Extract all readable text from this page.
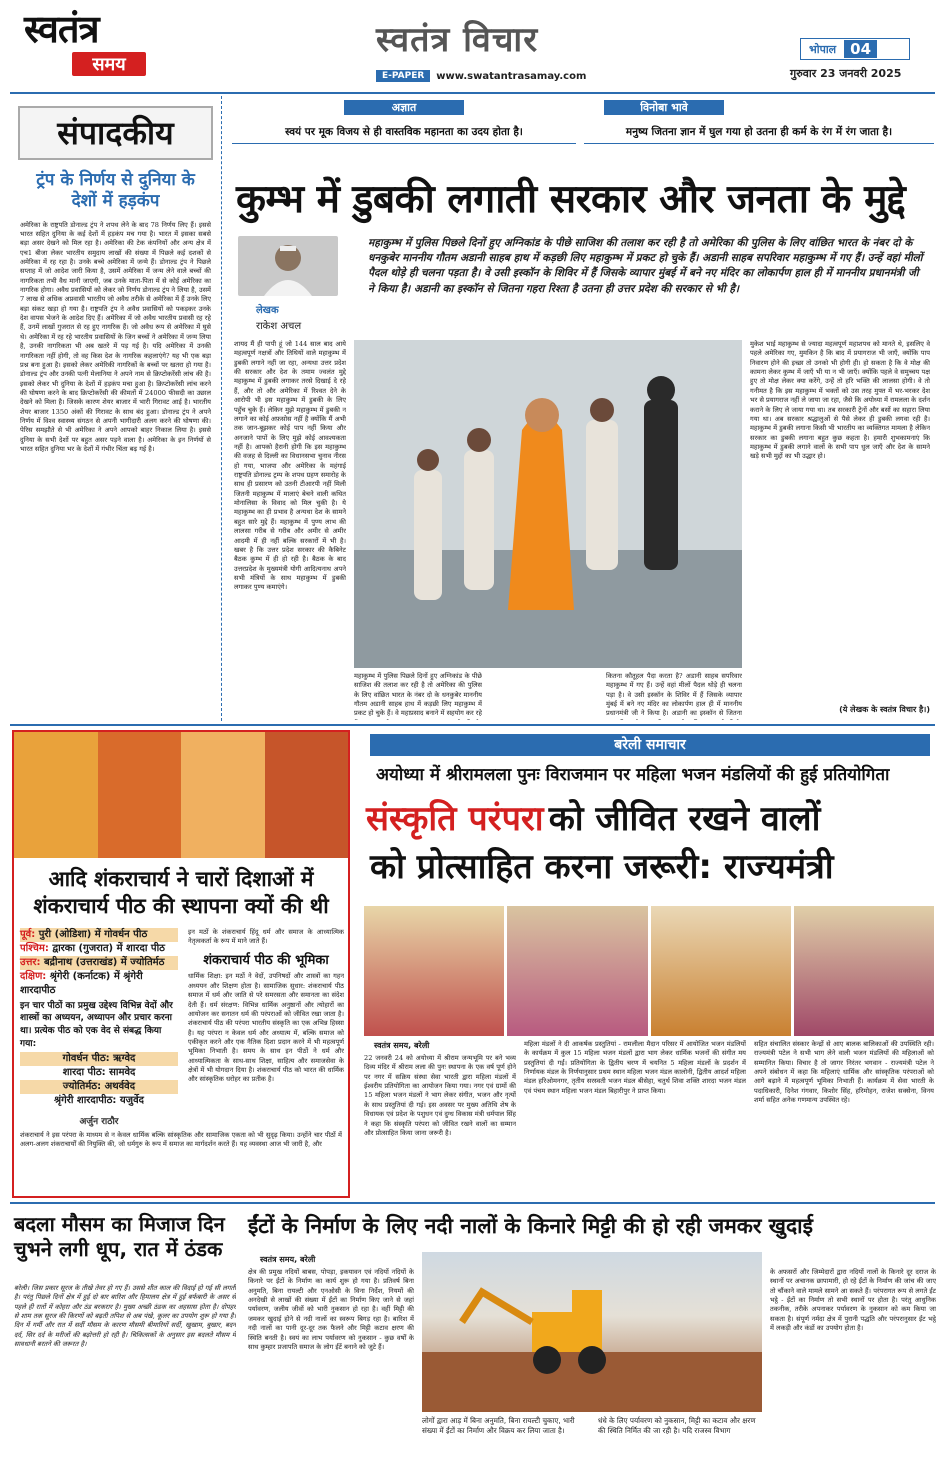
स्वतंत्र
समय
स्वतंत्र विचार
E-PAPER	www.swatantrasamay.com
भोपाल 04
गुरुवार 23 जनवरी 2025
अज्ञात
स्वयं पर मूक विजय से ही वास्तविक महानता का उदय होता है।
विनोबा भावे
मनुष्य जितना ज्ञान में घुल गया हो उतना ही कर्म के रंग में रंग जाता है।
संपादकीय
ट्रंप के निर्णय से दुनिया के देशों में हड़कंप
अमेरिका के राष्ट्रपति डोनाल्ड ट्रंप ने शपथ लेने के बाद 78 निर्णय लिए हैं। इससे भारत सहित दुनिया के कई देशों में हड़कंप मच गया है। भारत में इसका सबसे बड़ा असर देखने को मिल रहा है। अमेरिका की टेक कंपनियों और अन्य क्षेत्र में एच1 बीजा लेकर भारतीय समुदाय लाखों की संख्या में पिछले कई दशकों से अमेरिका में रह रहा है। उनके बच्चे अमेरिका में जन्मे हैं। डोनाल्ड ट्रंप ने पिछले सप्ताह में जो आदेश जारी किया है, उसमें अमेरिका में जन्म लेने वाले बच्चों की नागरिकता तभी वैध मानी जाएगी, जब उनके माता-पिता में से कोई अमेरिका का नागरिक होगा। अवैध प्रवासियों को लेकर जो निर्णय डोनाल्ड ट्रंप ने लिया है, उसमें 7 लाख से अधिक अप्रवासी भारतीय जो अवैध तरीके से अमेरिका में हैं उनके लिए बड़ा संकट खड़ा हो गया है। राष्ट्रपति ट्रंप ने अवैध प्रवासियों को पकड़कर उनके देश वापस भेजने के आदेश दिए हैं। अमेरिका में जो अवैध भारतीय प्रवासी रह रहे हैं, उनमें लाखों गुजरात से रह हुए नागरिक हैं। जो अवैध रूप से अमेरिका में घुसे थे। अमेरिका में रह रहे भारतीय प्रवासियों के जिन बच्चों ने अमेरिका में जन्म लिया है, उनकी नागरिकता भी अब खतरे में पड़ गई है। यदि अमेरिका में उनकी नागरिकता नहीं होगी, तो वह किस देश के नागरिक कहलाएंगे? यह भी एक बड़ा प्रश्न बना हुआ है। इसको लेकर अमेरिकी नागरिकों के बच्चों पर खतरा हो गया है। डोनाल्ड ट्रंप और उनकी पत्नी मेलानिया ने अपने नाम से क्रिप्टोकरेंसी लांच की है। इसको लेकर भी दुनिया के देशों में हड़कंप मचा हुआ है। क्रिप्टोकरेंसी लांच करने की घोषणा करने के बाद क्रिप्टोकरेंसी की कीमतों में 24000 फीसदी का उछाल देखने को मिला है। जिसके कारण शेयर बाजार में भारी गिरावट आई है। भारतीय शेयर बाजार 1350 अंकों की गिरावट के साथ बंद हुआ। डोनाल्ड ट्रंप ने अपने निर्णय में विश्व स्वास्थ्य संगठन से अपनी भागीदारी अलग करने की घोषणा की। पेरिस समझौते से भी अमेरिका ने अपने आपको बाहर निकाल लिया है। इससे दुनिया के सभी देशों पर बहुत असर पड़ने वाला है। अमेरिका के इन निर्णयों से भारत सहित दुनिया भर के देशों में गंभीर चिंता बढ़ गई है।
कुम्भ में डुबकी लगाती सरकार और जनता के मुद्दे
लेखक
राकेश अचल
महाकुम्भ में पुलिस पिछले दिनों हुए अग्निकांड के पीछे साजिश की तलाश कर रही है तो अमेरिका की पुलिस के लिए वांछित भारत के नंबर दो के धनकुबेर माननीय गौतम अडानी साहब हाथ में कड़छी लिए महाकुम्भ में प्रकट हो चुके हैं। अडानी साहब सपरिवार महाकुम्भ में गए हैं। उन्हें वहां मीलों पैदल थोड़े ही चलना पड़ता है। वे उसी इस्कॉन के शिविर में हैं जिसके व्यापार मुंबई में बने नए मंदिर का लोकार्पण हाल ही में माननीय प्रधानमंत्री जी ने किया है। अडानी का इस्कॉन से जितना गहरा रिश्ता है उतना ही उत्तर प्रदेश की सरकार से भी है।
शायद मैं ही पापी हूं जो 144 साल बाद आये महत्वपूर्ण नक्षत्रों और तिथियों वाले महाकुम्भ में डुबकी लगाने नहीं जा रहा, अन्यथा उत्तर प्रदेश की सरकार और देश के तमाम ज्वलंत मुद्दे महाकुम्भ में डुबकी लगाकर तरसे दिखाई दे रहे हैं, और तो और अमेरिका में रिश्वत देने के आरोपी भी इस महाकुम्भ में डुबकी के लिए पहुँच चुके हैं। लेकिन मुझे महाकुम्भ में डुबकी न लगाने का कोई अफ़सोस नहीं है क्योंकि मैं अभी तक जान-बूझकर कोई पाप नहीं किया और अनजाने पापों के लिए मुझे कोई आवश्यकता नहीं है। आपको हैरानी होगी कि इस महाकुम्भ की वजह से दिल्ली का विधानसभा चुनाव नीरस हो गया, भाजपा और अमेरिका के महंगाई राष्ट्रपति डोनाल्ड ट्रम्प के शपथ ग्रहण समारोह के साथ ही प्रसारण को उतनी टीआरपी नहीं मिली जितनी महाकुम्भ में मालाएं बेचने वाली कथित मोनालिसा के विवाद को मिल चुकी है। ये महाकुम्भ का ही प्रभाव है अन्यथा देश के सामने बहुत सारे मुद्दे हैं। महाकुम्भ में पुण्य लाभ की लालसा गरीब से गरीब और अमीर से अमीर आदमी में ही नहीं बल्कि सरकारों में भी है। खबर है कि उत्तर प्रदेश सरकार की कैबिनेट बैठक कुम्भ में ही हो रही है। बैठक के बाद उत्तरप्रदेश के मुख्यमंत्री योगी आदित्यनाथ अपने सभी मंत्रियों के साथ महाकुम्भ में डुबकी लगाकर पुण्य कमाएंगे।
महाकुम्भ में पुलिस पिछले दिनों हुए अग्निकांड के पीछे साजिश की तलाश कर रही है तो अमेरिका की पुलिस के लिए वांछित भारत के नंबर दो के धनकुबेर माननीय गौतम अडानी साहब हाथ में कड़छी लिए महाकुम्भ में प्रकट हो चुके हैं। वे महाप्रसाद बनाने में सहयोग कर रहे
कितना कौतूहल पैदा करता है? अडानी साहब सपरिवार महाकुम्भ में गए हैं। उन्हें वहां मीलों पैदल थोड़े ही चलना पड़ा है। वे उसी इस्कॉन के शिविर में हैं जिसके व्यापार मुंबई में बने नए मंदिर का लोकार्पण हाल ही में माननीय प्रधानमंत्री जी ने किया है। अडानी का इस्कॉन से जितना
मुकेश भाई महाकुम्भ से ज्यादा महत्वपूर्ण महाशपथ को मानते थे, इसलिए वे पहले अमेरिका गए, मुमकिन है कि बाद में प्रयागराज भी जाएँ, क्योंकि पाप निवारण होने की इच्छा तो उनको भी होगी ही। हो सकता है कि वे मोक्ष की कामना लेकर कुम्भ में जाएँ भी या न भी जाएँ। क्योंकि पहले वे समुच्चय पक्ष हुए तो मोक्ष लेकर क्या करेंगे, उन्हें तो हरि भक्ति की लालसा होगी। वे तो गनीमत है कि इस महाकुम्भ में भक्तों को उस तरह मुफ्त में भर-भरकर देश भर से प्रयागराज नहीं ले जाया जा रहा, जैसे कि अयोध्या में रामलला के दर्शन कराने के लिए ले जाया गया था। तब सरकारी ट्रेनों और बसों का सहारा लिया गया था। अब सरकार श्रद्धालुओं से पैसे लेकर ही डुबकी लगवा रही है। महाकुम्भ में डुबकी लगाना किसी भी भारतीय का व्यक्तिगत मामला है लेकिन सरकार का डुबकी लगाना बहुत कुछ कहता है। हमारी शुभकामनाएं कि महाकुम्भ में डुबकी लगाने वालों के सभी पाप धुल जाएँ और देश के सामने खड़े सभी मुद्दों का भी उद्धार हो।
(ये लेखक के स्वतंत्र विचार है।)
आदि शंकराचार्य ने चारों दिशाओं में शंकराचार्य पीठ की स्थापना क्यों की थी
पूर्व: पुरी (ओडिशा) में गोवर्धन पीठ
पश्चिम: द्वारका (गुजरात) में शारदा पीठ
उत्तर: बद्रीनाथ (उत्तराखंड) में ज्योतिर्मठ
दक्षिण: श्रृंगेरी (कर्नाटक) में श्रृंगेरी शारदापीठ
इन चार पीठों का प्रमुख उद्देश्य विभिन्न वेदों और शास्त्रों का अध्ययन, अध्यापन और प्रचार करना था। प्रत्येक पीठ को एक वेद से संबद्ध किया गया:
गोवर्धन पीठ: ऋग्वेद
शारदा पीठ: सामवेद
ज्योतिर्मठ: अथर्ववेद
श्रृंगेरी शारदापीठ: यजुर्वेद
अर्जुन राठौर
इन मठों के शंकराचार्य हिंदू धर्म और समाज के आध्यात्मिक नेतृत्वकर्ता के रूप में माने जाते हैं।
शंकराचार्य पीठ की भूमिका
धार्मिक शिक्षा: इन मठों ने वेदों, उपनिषदों और शास्त्रों का गहन अध्ययन और शिक्षण होता है। सामाजिक सुधार: शंकराचार्य पीठ समाज में धर्म और जाति से परे समरसता और समानता का संदेश देती हैं। धर्म संरक्षण: विभिन्न धार्मिक अनुष्ठानों और त्योहारों का आयोजन कर सनातन धर्म की परंपराओं को जीवित रखा जाता है। शंकराचार्य पीठ की परंपरा भारतीय संस्कृति का एक अभिन्न हिस्सा है। यह परंपरा न केवल धर्म और अध्यात्म में, बल्कि समाज को एकीकृत करने और एक नैतिक दिशा प्रदान करने में भी महत्वपूर्ण भूमिका निभाती है। समय के साथ इन पीठों ने धर्म और आध्यात्मिकता के साथ-साथ शिक्षा, साहित्य और समाजसेवा के क्षेत्रों में भी योगदान दिया है। शंकराचार्य पीठ को भारत की धार्मिक और सांस्कृतिक धरोहर का प्रतीक है।
शंकराचार्य ने इस परंपरा के माध्यम से न केवल धार्मिक बल्कि सांस्कृतिक और सामाजिक एकता को भी सुदृढ़ किया। उन्होंने चार पीठों में अलग-अलग शंकराचार्यों की नियुक्ति की, जो धर्मगुरु के रूप में समाज का मार्गदर्शन करते हैं। यह व्यवस्था आज भी जारी है, और
बरेली समाचार
अयोध्या में श्रीरामलला पुनः विराजमान पर महिला भजन मंडलियों की हुई प्रतियोगिता
संस्कृति परंपरा को जीवित रखने वालों
को प्रोत्साहित करना जरूरी: राज्यमंत्री
स्वतंत्र समय, बरेली
22 जनवरी 24 को अयोध्या में श्रीराम जन्मभूमि पर बने भव्य दिव्य मंदिर में श्रीराम लला की पुनः स्थापना के एक वर्ष पूर्ण होने पर नगर में सक्रिय संस्था सेवा भारती द्वारा महिला मंडलों में ईश्वरीय प्रतियोगिता का आयोजन किया गया। नगर एवं ग्रामों की 15 महिला भजन मंडलों ने भाग लेकर संगीत, भजन और नृत्यों के साथ प्रस्तुतियां दी गई। इस अवसर पर मुख्य अतिथि शेष के विधायक एवं प्रदेश के पशुधन एवं दुग्ध विकास मंत्री धर्मपाल सिंह ने कहा कि संस्कृति परंपरा को जीवित रखने वालों का सम्मान और प्रोत्साहित किया जाना जरूरी है।
महिला मंडलों ने दी आकर्षक प्रस्तुतियां - रामलीला मैदान परिसर में आयोजित भजन मंडलियों के कार्यक्रम में कुल 15 महिला भजन मंडलों द्वारा भाग लेकर धार्मिक भजनों की संगीत मय प्रस्तुतियां दी गईं। प्रतियोगिता के द्वितीय चरण में चयनित 5 महिला मंडलों के प्रदर्शन में निर्णायक मंडल के निर्णयानुसार प्रथम स्थान महिला भजन मंडल कालोनी, द्वितीय आदर्श महिला मंडल हरिओमनगर, तृतीय सरस्वती भजन मंडल बीसेहा, चतुर्थ शिवा शक्ति शारदा भजन मंडल एवं पंचम स्थान महिला भजन मंडल बिहारीपुर ने प्राप्त किया।
सहित संचालित संस्कार केन्द्रों से आए बालक बालिकाओं की उपस्थिति रही। राज्यमंत्री पटेल ने सभी भाग लेने वाली भजन मंडलियों की महिलाओं को सम्मानित किया। विचार है तो जागर निरंतर भगवान - राज्यमंत्री पटेल ने अपने संबोधन में कहा कि महिलाएं धार्मिक और सांस्कृतिक परंपराओं को आगे बढ़ाने में महत्वपूर्ण भूमिका निभाती हैं। कार्यक्रम में सेवा भारती के पदाधिकारी, दिनेश गंगवार, किशोर सिंह, हरिमोहन, राजेश सक्सेना, विनय शर्मा सहित अनेक गणमान्य उपस्थित रहे।
बदला मौसम का मिजाज दिन चुभने लगी धूप, रात में ठंडक
बरेली। जिस प्रकार सूरज के तीखे तेवर हो गए हैं। उससे शीत काल की विदाई हो गई सी लगती है। परंतु पिछले दिनों क्षेत्र में हुई दो बार बारिश और हिमालय क्षेत्र में हुई बर्फबारी के असर से पहले ही रातों में कोहरा और ठंड बरकरार है। मुख्य अच्छी ठंडक का अहसास होता है। दोपहर से शाम तक सूरज की किरणों को बढ़ती तपिश से अब पंखे, कूलर का उपयोग शुरू हो गया है। दिन में गर्मी और रात में सर्दी मौसम के कारण मौसमी बीमारियों सर्दी, खुखाम, बुखार, बदन दर्द, सिर दर्द के मरीजों की बढ़ोत्तरी हो रही है। चिकित्सकों के अनुसार इस बदलते मौसम में सावधानी बरतने की जरूरत है।
ईंटों के निर्माण के लिए नदी नालों के किनारे मिट्टी की हो रही जमकर खुदाई
स्वतंत्र समय, बरेली
क्षेत्र की प्रमुख नदियों बाबस, पोपड़ा, इकयावन एवं नदियों नदियों के किनारे पर ईंटों के निर्माण का कार्य शुरू हो गया है। प्रतिवर्ष बिना अनुमति, बिना रायल्टी और एनओसी के विना निर्देश, नियमों की अनदेखी से लाखों की संख्या में ईंटों का निर्माण किए जाने से जहां पर्यावरण, जलीय जीवों को भारी नुकसान हो रहा है। वहीं मिट्टी की जमकर खुदाई होने से नदी नालों का स्वरूप बिगड़ रहा है। बारिश में नदी नालों का पानी दूर-दूर तक फैलने और मिट्टी कटाव क्षरण की स्थिति बनती है। स्वयं का लाभ पर्यावरण को नुकसान - कुछ वर्षों के साथ कुम्हार प्रजापति समाज के लोग ईंटें बनाने को जुटे हैं।
लोगों द्वारा आड़ में बिना अनुमति, बिना रायल्टी चुकाए, भारी संख्या में ईंटों का निर्माण और विक्रय कर लिया जाता है।
धंधे के लिए पर्यावरण को नुकसान, मिट्टी का कटाव और क्षरण की स्थिति निर्मित की जा रही है। यदि राजस्व विभाग
के अफसरों और जिम्मेदारों द्वारा नदियों नालों के किनारे दूर दराज के स्थानों पर अचानक छापामारी, हो रहे ईंटों के निर्माण की जांच की जाए तो चौंकाने वाले मामले सामने आ सकते हैं। परंपरागत रूप से लगते ईंट भट्ठे - ईंटों का निर्माण तो सभी स्थानों पर होता है। परंतु आधुनिक तकनीक, तरीके अपनाकर पर्यावरण के नुकसान को कम किया जा सकता है। संपूर्ण नर्मदा क्षेत्र में पुरानी पद्धति और परंपरानुसार ईंट भट्ठे में लकड़ी और कंडों का उपयोग होता है।
